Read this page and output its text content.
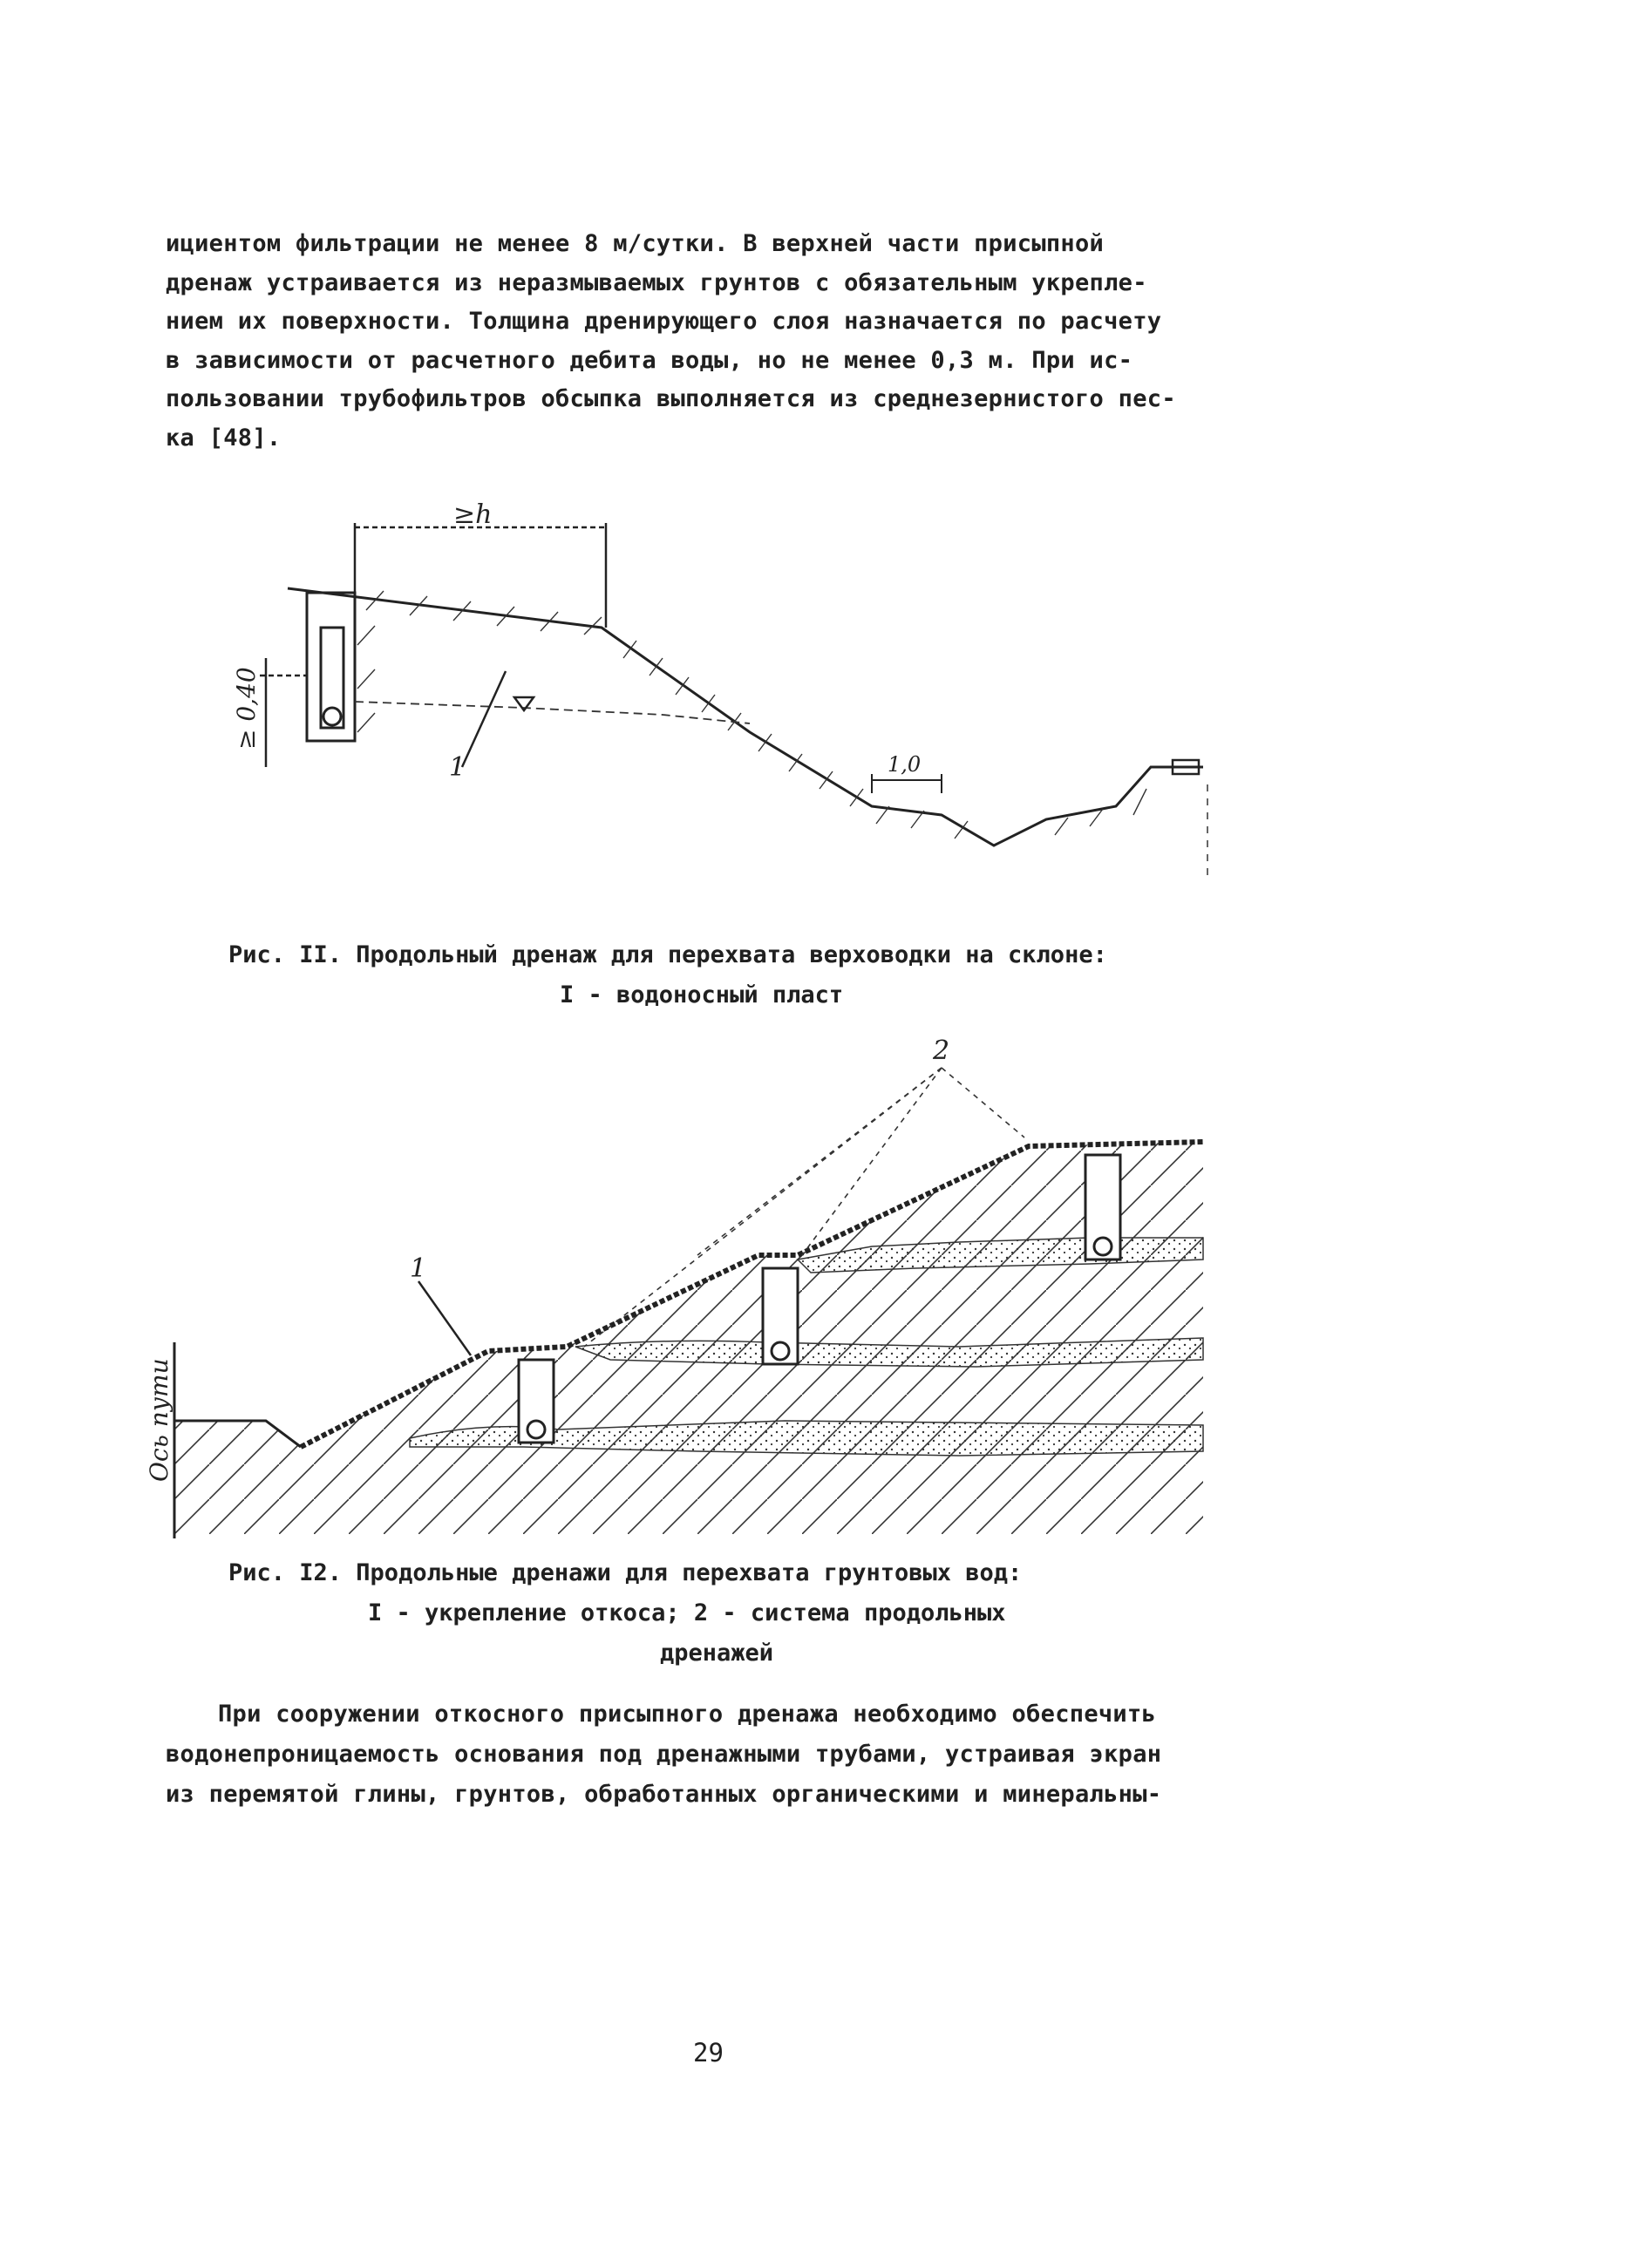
ициентом фильтрации не менее 8 м/сутки. В верхней части присыпной
дренаж устраивается из неразмываемых грунтов с обязательным укрепле-
нием их поверхности. Толщина дренирующего слоя назначается по расчету
в зависимости от расчетного дебита воды, но не менее 0,3 м. При ис-
пользовании трубофильтров обсыпка выполняется из среднезернистого пес-
ка [48].
≥h
≥ 0,40
1	1,0
Рис. II. Продольный дренаж для перехвата верховодки на склоне:
I - водоносный пласт
2
1
Ось пути
Рис. I2. Продольные дренажи для перехвата грунтовых вод:
I - укрепление откоса; 2 - система продольных
дренажей
При сооружении откосного присыпного дренажа необходимо обеспечить
водонепроницаемость основания под дренажными трубами, устраивая экран
из перемятой глины, грунтов, обработанных органическими и минеральны-
29
